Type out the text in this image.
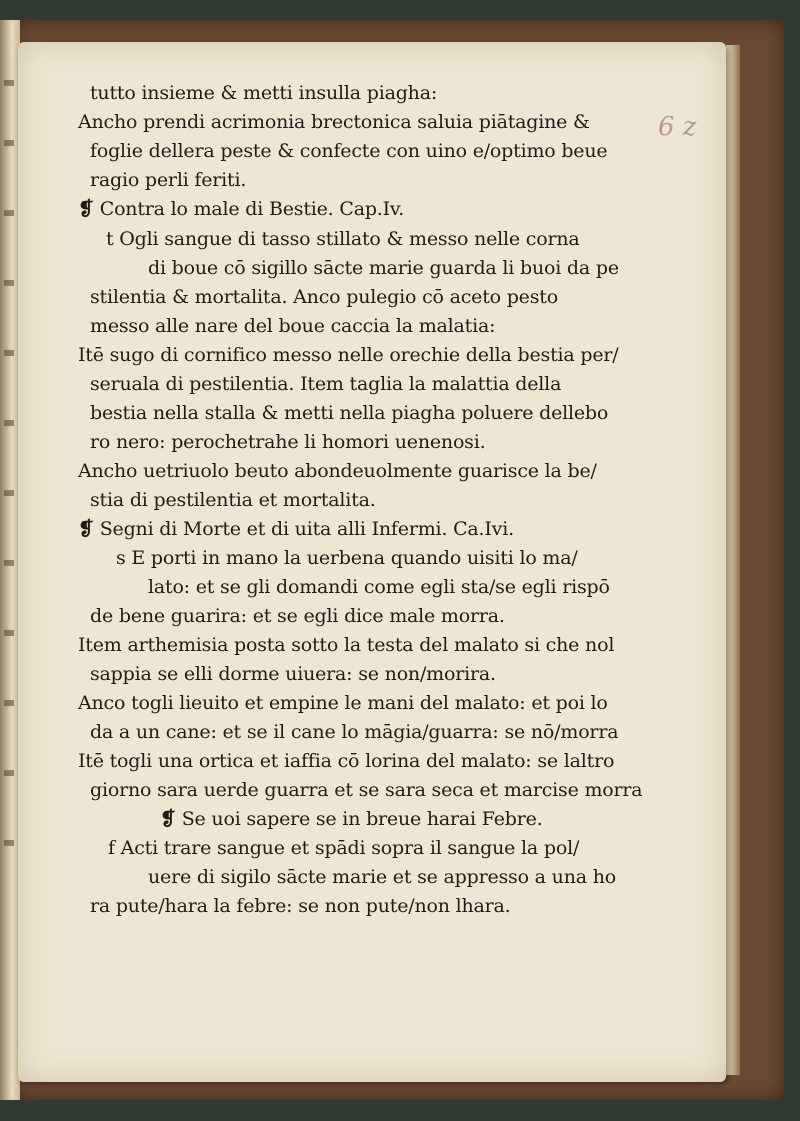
6 z
tutto insieme & metti insulla piagha:
Ancho prendi acrimonia brectonica saluia piātagine &
foglie dellera peste & confecte con uino e/optimo beue
ragio perli feriti.
❡ Contra lo male di Bestie. Cap.Iv.
t Ogli sangue di tasso stillato & messo nelle corna
di boue cō sigillo sācte marie guarda li buoi da pe
stilentia & mortalita. Anco pulegio cō aceto pesto
messo alle nare del boue caccia la malatia:
Itē sugo di cornifico messo nelle orechie della bestia per/
seruala di pestilentia. Item taglia la malattia della
bestia nella stalla & metti nella piagha poluere dellebo
ro nero: perochetrahe li homori uenenosi.
Ancho uetriuolo beuto abondeuolmente guarisce la be/
stia di pestilentia et mortalita.
❡ Segni di Morte et di uita alli Infermi. Ca.Ivi.
s E porti in mano la uerbena quando uisiti lo ma/
lato: et se gli domandi come egli sta/se egli rispō
de bene guarira: et se egli dice male morra.
Item arthemisia posta sotto la testa del malato si che nol
sappia se elli dorme uiuera: se non/morira.
Anco togli lieuito et empine le mani del malato: et poi lo
da a un cane: et se il cane lo māgia/guarra: se nō/morra
Itē togli una ortica et iaffia cō lorina del malato: se laltro
giorno sara uerde guarra et se sara seca et marcise morra
❡ Se uoi sapere se in breue harai Febre.
f Acti trare sangue et spādi sopra il sangue la pol/
uere di sigilo sācte marie et se appresso a una ho
ra pute/hara la febre: se non pute/non lhara.
